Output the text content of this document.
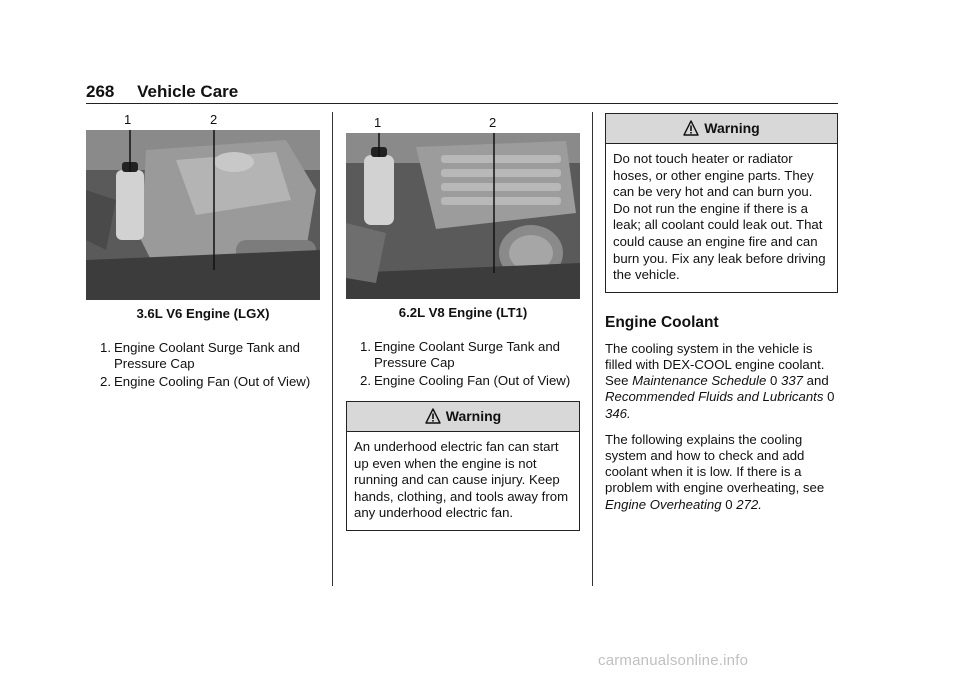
268 Vehicle Care
1	2
3.6L V6 Engine (LGX)
1. Engine Coolant Surge Tank and Pressure Cap
2. Engine Cooling Fan (Out of View)
1	2
6.2L V8 Engine (LT1)
1. Engine Coolant Surge Tank and Pressure Cap
2. Engine Cooling Fan (Out of View)
Warning
An underhood electric fan can start up even when the engine is not running and can cause injury. Keep hands, clothing, and tools away from any underhood electric fan.
Warning
Do not touch heater or radiator hoses, or other engine parts. They can be very hot and can burn you. Do not run the engine if there is a leak; all coolant could leak out. That could cause an engine fire and can burn you. Fix any leak before driving the vehicle.
Engine Coolant
The cooling system in the vehicle is filled with DEX-COOL engine coolant. See Maintenance Schedule 0 337 and Recommended Fluids and Lubricants 0 346.
The following explains the cooling system and how to check and add coolant when it is low. If there is a problem with engine overheating, see Engine Overheating 0 272.
carmanualsonline.info
